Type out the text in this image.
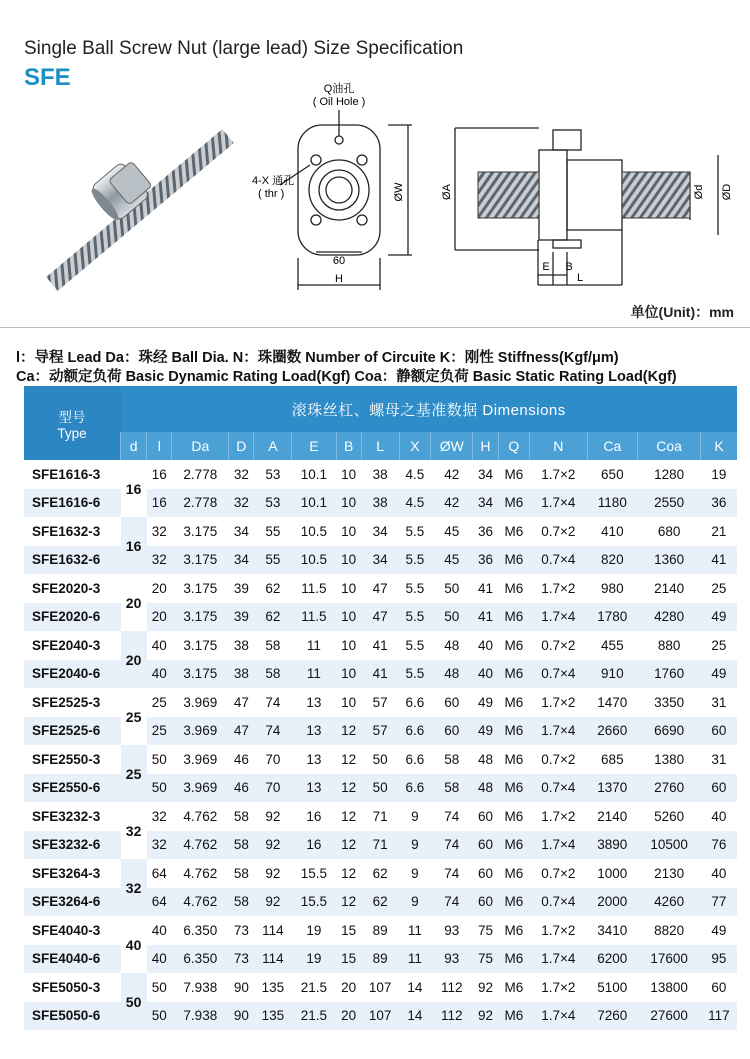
Single Ball Screw Nut (large lead) Size Specification
SFE	Q油孔
( Oil Hole )
4-X 通孔
( thr )
60
H
ØW	ØA	Ød ØD
E B
L
单位(Unit)：mm
l：导程 Lead Da：珠经 Ball Dia. N：珠圈数 Number of Circuite K：刚性 Stiffness(Kgf/μm)
Ca：动额定负荷 Basic Dynamic Rating Load(Kgf) Coa：静额定负荷 Basic Static Rating Load(Kgf)
型号
Type	滚珠丝杠、螺母之基准数据 Dimensions															
	d	l	Da	D	A	E	B	L	X	ØW	H	Q	N	Ca	Coa	K
SFE1616-3	16	16	2.778	32	53	10.1	10	38	4.5	42	34	M6	1.7×2	650	1280	19
SFE1616-6		16	2.778	32	53	10.1	10	38	4.5	42	34	M6	1.7×4	1180	2550	36
SFE1632-3	16	32	3.175	34	55	10.5	10	34	5.5	45	36	M6	0.7×2	410	680	21
SFE1632-6		32	3.175	34	55	10.5	10	34	5.5	45	36	M6	0.7×4	820	1360	41
SFE2020-3	20	20	3.175	39	62	11.5	10	47	5.5	50	41	M6	1.7×2	980	2140	25
SFE2020-6		20	3.175	39	62	11.5	10	47	5.5	50	41	M6	1.7×4	1780	4280	49
SFE2040-3	20	40	3.175	38	58	11	10	41	5.5	48	40	M6	0.7×2	455	880	25
SFE2040-6		40	3.175	38	58	11	10	41	5.5	48	40	M6	0.7×4	910	1760	49
SFE2525-3	25	25	3.969	47	74	13	10	57	6.6	60	49	M6	1.7×2	1470	3350	31
SFE2525-6		25	3.969	47	74	13	12	57	6.6	60	49	M6	1.7×4	2660	6690	60
SFE2550-3	25	50	3.969	46	70	13	12	50	6.6	58	48	M6	0.7×2	685	1380	31
SFE2550-6		50	3.969	46	70	13	12	50	6.6	58	48	M6	0.7×4	1370	2760	60
SFE3232-3	32	32	4.762	58	92	16	12	71	9	74	60	M6	1.7×2	2140	5260	40
SFE3232-6		32	4.762	58	92	16	12	71	9	74	60	M6	1.7×4	3890	10500	76
SFE3264-3	32	64	4.762	58	92	15.5	12	62	9	74	60	M6	0.7×2	1000	2130	40
SFE3264-6		64	4.762	58	92	15.5	12	62	9	74	60	M6	0.7×4	2000	4260	77
SFE4040-3	40	40	6.350	73	114	19	15	89	11	93	75	M6	1.7×2	3410	8820	49
SFE4040-6		40	6.350	73	114	19	15	89	11	93	75	M6	1.7×4	6200	17600	95
SFE5050-3	50	50	7.938	90	135	21.5	20	107	14	112	92	M6	1.7×2	5100	13800	60
SFE5050-6		50	7.938	90	135	21.5	20	107	14	112	92	M6	1.7×4	7260	27600	117
